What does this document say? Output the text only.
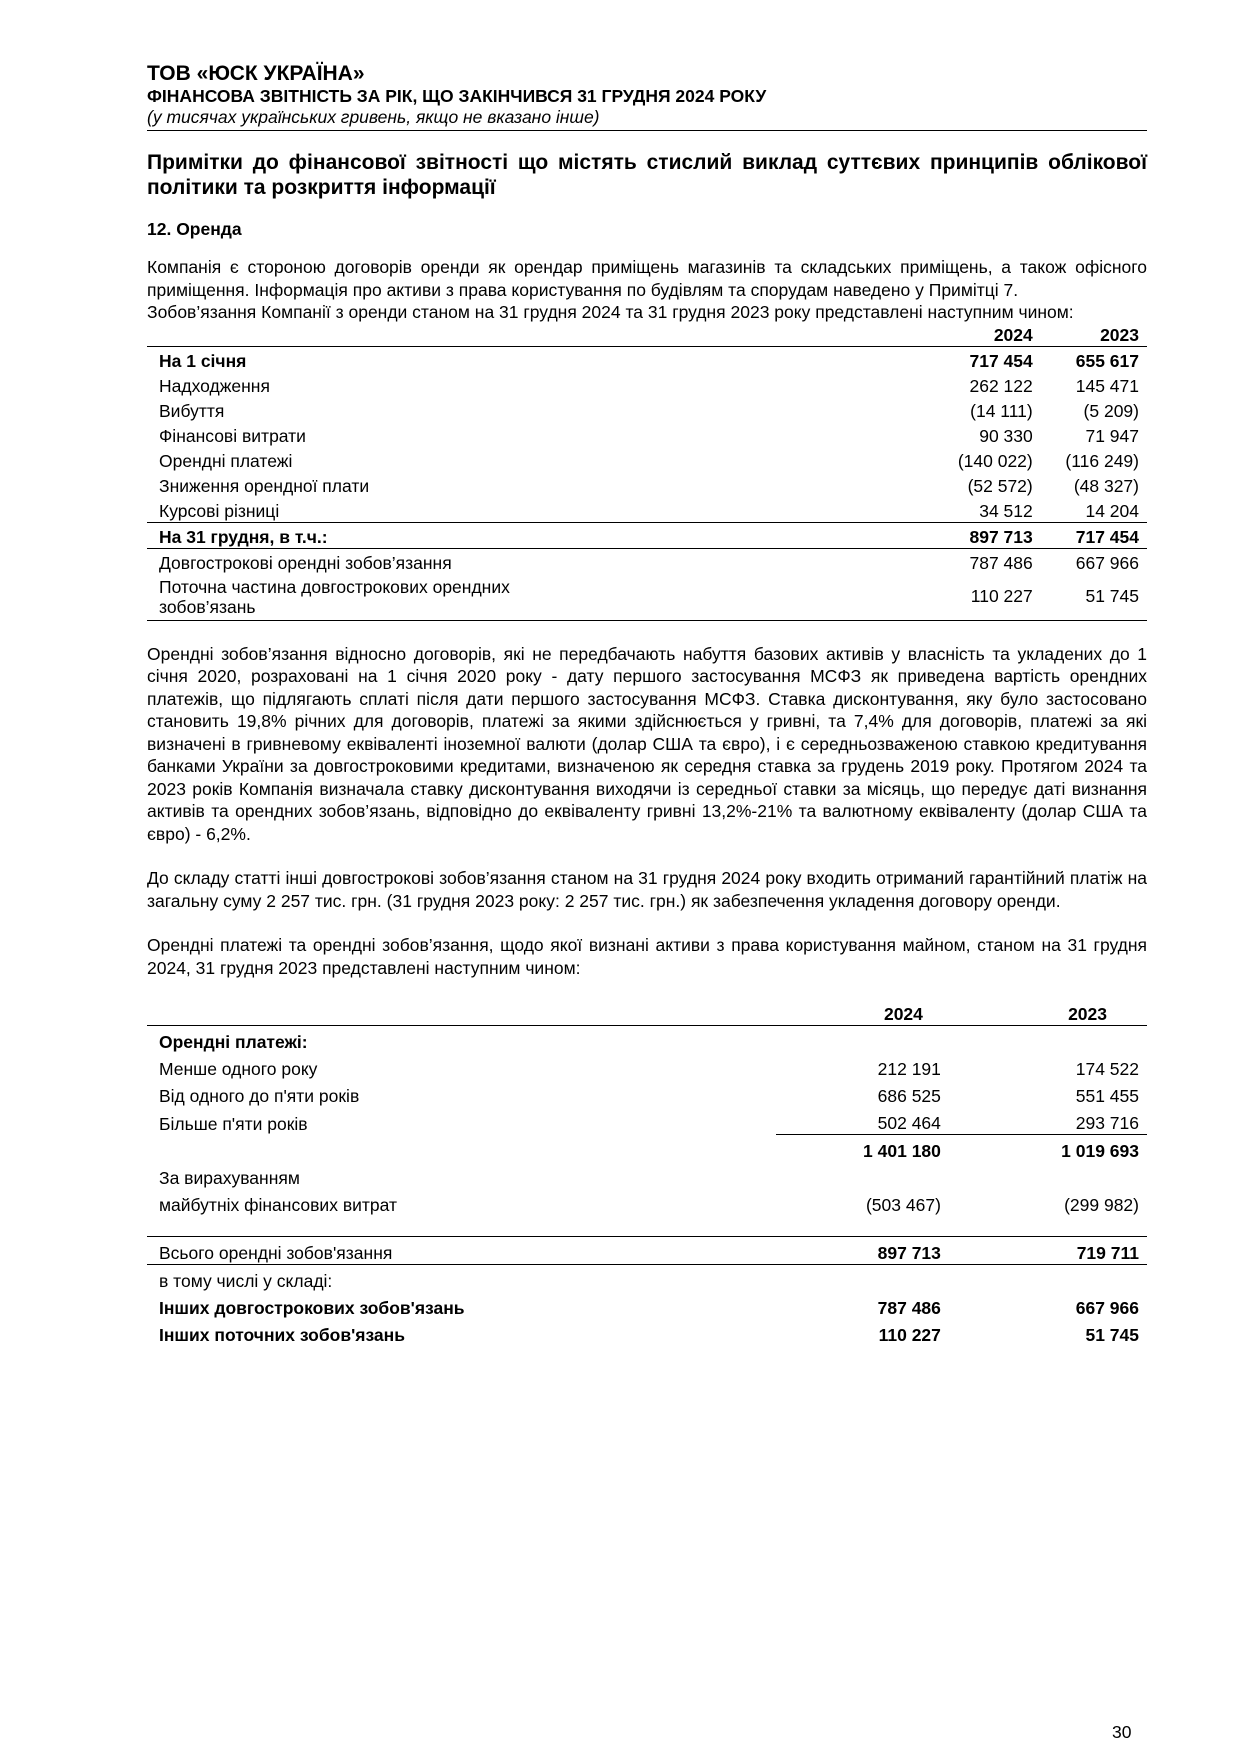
ТОВ «ЮСК УКРАЇНА»
ФІНАНСОВА ЗВІТНІСТЬ ЗА РІК, ЩО ЗАКІНЧИВСЯ 31 ГРУДНЯ 2024 РОКУ
(у тисячах українських гривень, якщо не вказано інше)
Примітки до фінансової звітності що містять стислий виклад суттєвих принципів облікової політики та розкриття інформації
12. Оренда

Компанія є стороною договорів оренди як орендар приміщень магазинів та складських приміщень, а також офісного приміщення. Інформація про активи з права користування по будівлям та спорудам наведено у Примітці 7.

Зобов’язання Компанії з оренди станом на 31 грудня 2024 та 31 грудня 2023 року представлені наступним чином:

	2024	2023
На 1 січня	717 454	655 617
Надходження	262 122	145 471
Вибуття	(14 111)	(5 209)
Фінансові витрати	90 330	71 947
Орендні платежі	(140 022)	(116 249)
Зниження орендної плати	(52 572)	(48 327)
Курсові різниці	34 512	14 204
На 31 грудня, в т.ч.:	897 713	717 454
Довгострокові орендні зобов’язання	787 486	667 966
Поточна частина довгострокових орендних зобов’язань	110 227	51 745

Орендні зобов’язання відносно договорів, які не передбачають набуття базових активів у власність та укладених до 1 січня 2020, розраховані на 1 січня 2020 року - дату першого застосування МСФЗ як приведена вартість орендних платежів, що підлягають сплаті після дати першого застосування МСФЗ. Ставка дисконтування, яку було застосовано становить 19,8% річних для договорів, платежі за якими здійснюється у гривні, та 7,4% для договорів, платежі за які визначені в гривневому еквіваленті іноземної валюти (долар США та євро), і є середньозваженою ставкою кредитування банками України за довгостроковими кредитами, визначеною як середня ставка за грудень 2019 року. Протягом 2024 та 2023 років Компанія визначала ставку дисконтування виходячи із середньої ставки за місяць, що передує даті визнання активів та орендних зобов’язань, відповідно до еквіваленту гривні 13,2%-21% та валютному еквіваленту (долар США та євро) - 6,2%.

До складу статті інші довгострокові зобов’язання станом на 31 грудня 2024 року входить отриманий гарантійний платіж на загальну суму 2 257 тис. грн. (31 грудня 2023 року: 2 257 тис. грн.) як забезпечення укладення договору оренди.

Орендні платежі та орендні зобов’язання, щодо якої визнані активи з права користування майном, станом на 31 грудня 2024, 31 грудня 2023 представлені наступним чином:

	2024	2023
Орендні платежі:		
Менше одного року	212 191	174 522
Від одного до п'яти років	686 525	551 455
Більше п'яти років	502 464	293 716
	1 401 180	1 019 693
За вирахуванням		
майбутніх фінансових витрат	(503 467)	(299 982)

Всього орендні зобов'язання	897 713	719 711
в тому числі у складі:		
Інших довгострокових зобов'язань	787 486	667 966
Інших поточних зобов'язань	110 227	51 745
30
